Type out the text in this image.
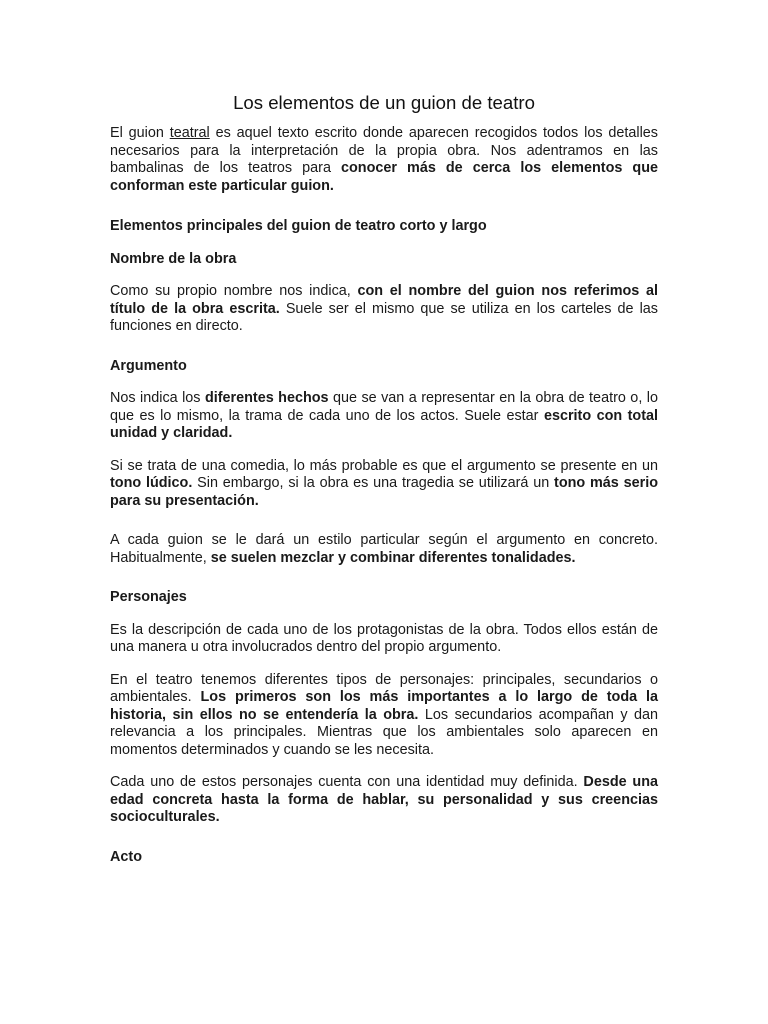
Los elementos de un guion de teatro

El guion teatral es aquel texto escrito donde aparecen recogidos todos los detalles necesarios para la interpretación de la propia obra. Nos adentramos en las bambalinas de los teatros para conocer más de cerca los elementos que conforman este particular guion.

Elementos principales del guion de teatro corto y largo

Nombre de la obra

Como su propio nombre nos indica, con el nombre del guion nos referimos al título de la obra escrita. Suele ser el mismo que se utiliza en los carteles de las funciones en directo.

Argumento

Nos indica los diferentes hechos que se van a representar en la obra de teatro o, lo que es lo mismo, la trama de cada uno de los actos. Suele estar escrito con total unidad y claridad.

Si se trata de una comedia, lo más probable es que el argumento se presente en un tono lúdico. Sin embargo, si la obra es una tragedia se utilizará un tono más serio para su presentación.

A cada guion se le dará un estilo particular según el argumento en concreto. Habitualmente, se suelen mezclar y combinar diferentes tonalidades.

Personajes

Es la descripción de cada uno de los protagonistas de la obra. Todos ellos están de una manera u otra involucrados dentro del propio argumento.

En el teatro tenemos diferentes tipos de personajes: principales, secundarios o ambientales. Los primeros son los más importantes a lo largo de toda la historia, sin ellos no se entendería la obra. Los secundarios acompañan y dan relevancia a los principales. Mientras que los ambientales solo aparecen en momentos determinados y cuando se les necesita.

Cada uno de estos personajes cuenta con una identidad muy definida. Desde una edad concreta hasta la forma de hablar, su personalidad y sus creencias socioculturales.

Acto
